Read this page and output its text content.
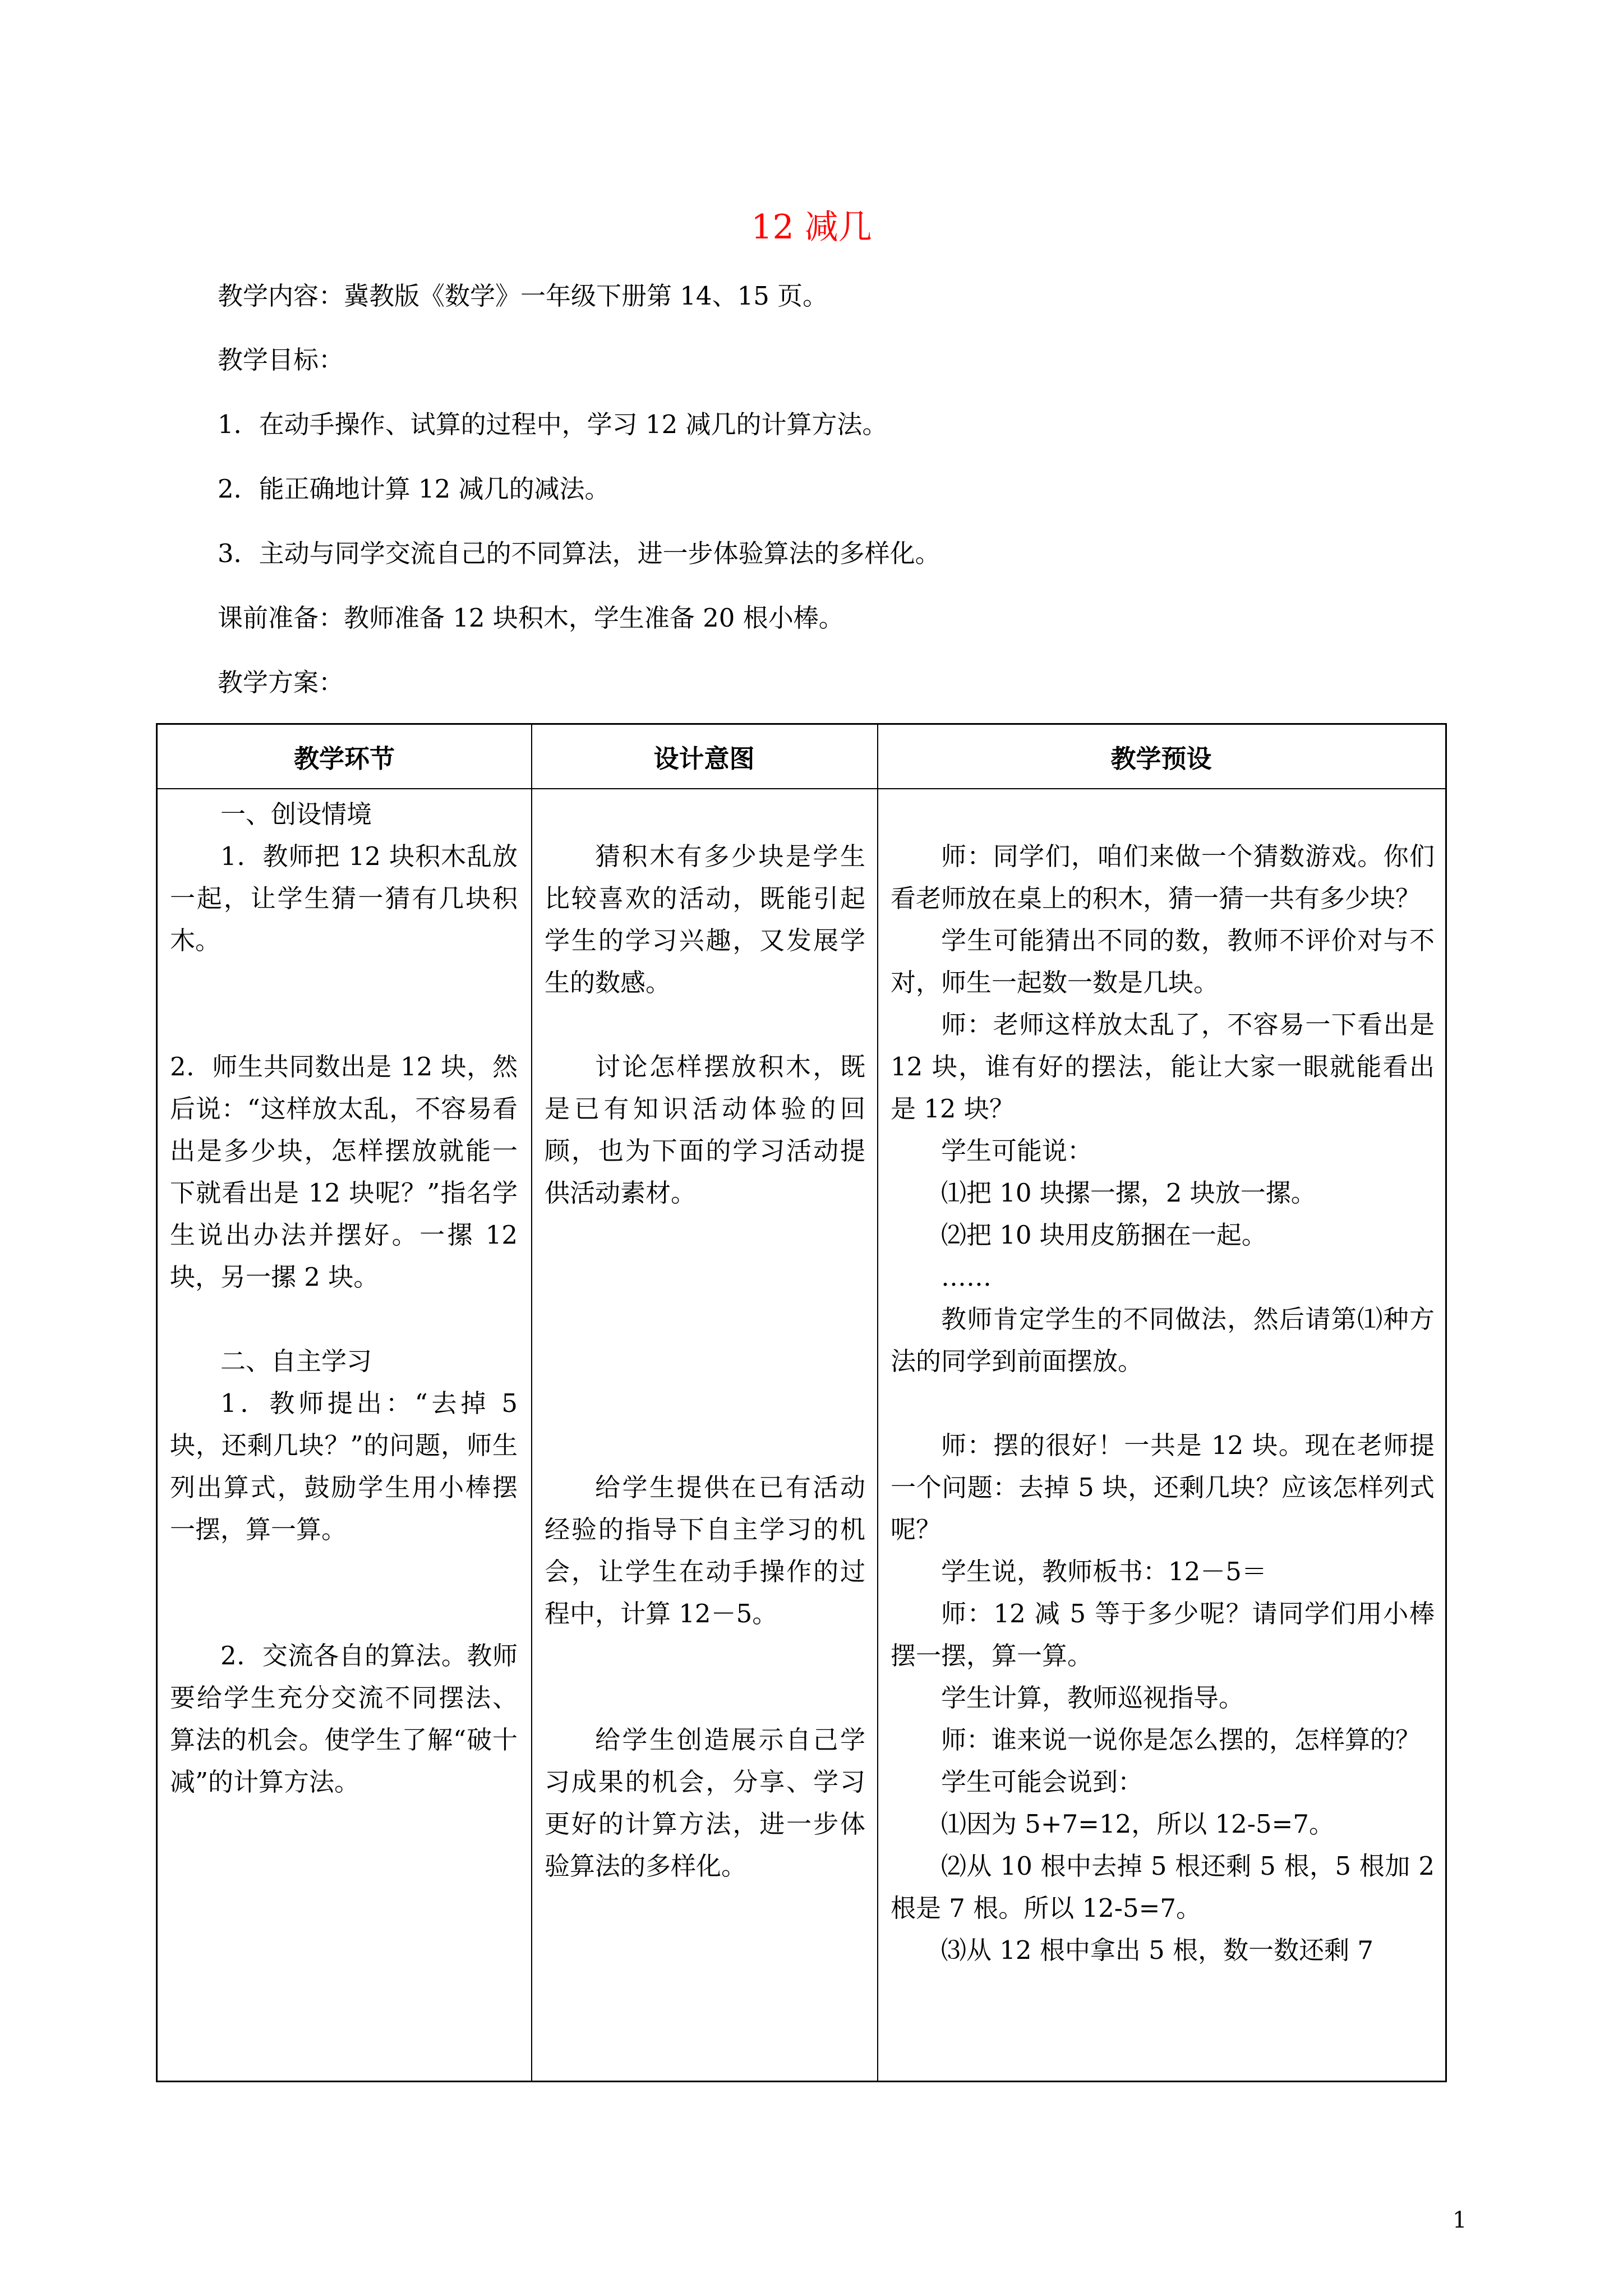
12 减几
教学内容：冀教版《数学》一年级下册第 14、15 页。
教学目标：
1．在动手操作、试算的过程中，学习 12 减几的计算方法。
2．能正确地计算 12 减几的减法。
3．主动与同学交流自己的不同算法，进一步体验算法的多样化。
课前准备：教师准备 12 块积木，学生准备 20 根小棒。
教学方案：
教学环节	设计意图	教学预设

一、创设情境

1．教师把 12 块积木乱放一起，让学生猜一猜有几块积木。

2．师生共同数出是 12 块，然后说：“这样放太乱，不容易看出是多少块，怎样摆放就能一下就看出是 12 块呢？”指名学生说出办法并摆好。一摞 12 块，另一摞 2 块。

二、自主学习

1．教师提出：“去掉 5 块，还剩几块？”的问题，师生列出算式，鼓励学生用小棒摆一摆，算一算。

2．交流各自的算法。教师要给学生充分交流不同摆法、算法的机会。使学生了解“破十减”的计算方法。

猜积木有多少块是学生比较喜欢的活动，既能引起学生的学习兴趣，又发展学生的数感。

讨论怎样摆放积木，既是已有知识活动体验的回顾，也为下面的学习活动提供活动素材。

给学生提供在已有活动经验的指导下自主学习的机会，让学生在动手操作的过程中，计算 12－5。

给学生创造展示自己学习成果的机会，分享、学习更好的计算方法，进一步体验算法的多样化。

师：同学们，咱们来做一个猜数游戏。你们看老师放在桌上的积木，猜一猜一共有多少块？

学生可能猜出不同的数，教师不评价对与不对，师生一起数一数是几块。

师：老师这样放太乱了，不容易一下看出是 12 块，谁有好的摆法，能让大家一眼就能看出是 12 块？

学生可能说：

⑴把 10 块摞一摞，2 块放一摞。

⑵把 10 块用皮筋捆在一起。

……

教师肯定学生的不同做法，然后请第⑴种方法的同学到前面摆放。

师：摆的很好！一共是 12 块。现在老师提一个问题：去掉 5 块，还剩几块？应该怎样列式呢？

学生说，教师板书：12－5＝

师：12 减 5 等于多少呢？请同学们用小棒摆一摆，算一算。

学生计算，教师巡视指导。

师：谁来说一说你是怎么摆的，怎样算的？

学生可能会说到：

⑴因为 5+7=12，所以 12-5=7。

⑵从 10 根中去掉 5 根还剩 5 根，5 根加 2 根是 7 根。所以 12-5=7。

⑶从 12 根中拿出 5 根，数一数还剩 7

1
